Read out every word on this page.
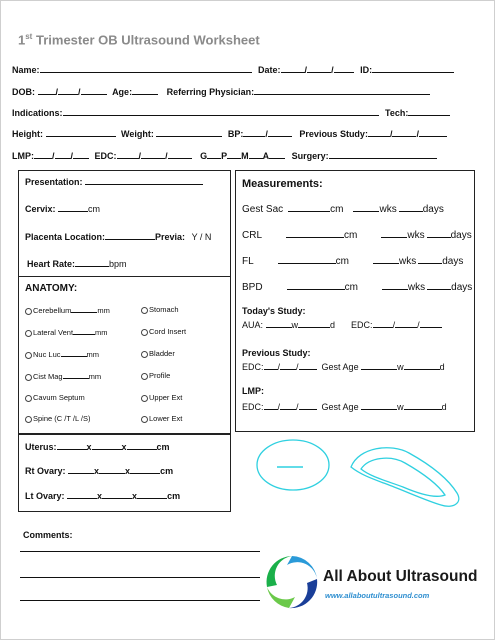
1st Trimester OB Ultrasound Worksheet
Name:	Date:	/	/	ID:
DOB: / /	Age:	Referring Physician:
Indications:	Tech:
Height:	Weight:	BP: /	Previous Study: /	/
LMP: / / EDC: /	/	G P M A	Surgery:
Presentation:
Cervix:	cm
Placenta Location:	Previa: Y / N
Heart Rate:	bpm
ANATOMY:
Uterus:	x	x	cm
Rt Ovary:	x	x	cm
Lt Ovary:	x	x	cm
Measurements:
Today's Study:
AUA:	w	d EDC: / /
Previous Study:
EDC: / /	Gest Age	w	d
LMP:
EDC: / /	Gest Age	w	d
Comments:
All About Ultrasound
www.allaboutultrasound.com
Cerebellum	mm
Lateral Vent	mm
Nuc Luc	mm
Cist Mag	mm
Cavum Septum
Spine (C /T /L /S)
Stomach
Cord Insert
Bladder
Profile
Upper Ext
Lower Ext
Gest Sac	cm	wks	days
CRL	cm	wks	days
FL	cm	wks	days
BPD	cm	wks	days
